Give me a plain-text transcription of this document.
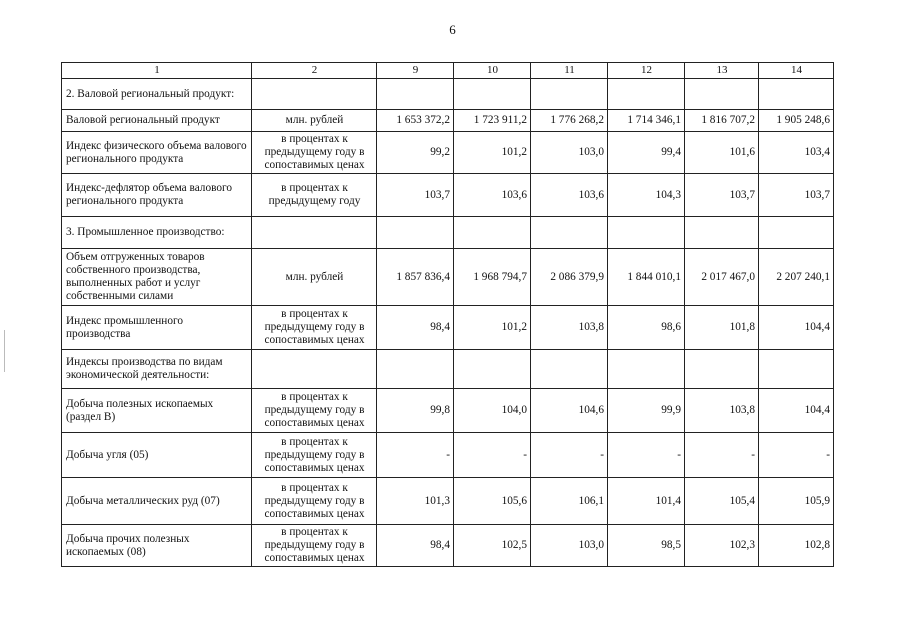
6
1	2	9	10	11	12	13	14
2. Валовой региональный продукт:							
Валовой региональный продукт	млн. рублей	1 653 372,2	1 723 911,2	1 776 268,2	1 714 346,1	1 816 707,2	1 905 248,6
Индекс физического объема валового регионального продукта	в процентах к предыдущему году в сопоставимых ценах	99,2	101,2	103,0	99,4	101,6	103,4
Индекс-дефлятор объема валового регионального продукта	в процентах к предыдущему году	103,7	103,6	103,6	104,3	103,7	103,7
3. Промышленное производство:							
Объем отгруженных товаров собственного производства, выполненных работ и услуг собственными силами	млн. рублей	1 857 836,4	1 968 794,7	2 086 379,9	1 844 010,1	2 017 467,0	2 207 240,1
Индекс промышленного производства	в процентах к предыдущему году в сопоставимых ценах	98,4	101,2	103,8	98,6	101,8	104,4
Индексы производства по видам экономической деятельности:							
Добыча полезных ископаемых (раздел B)	в процентах к предыдущему году в сопоставимых ценах	99,8	104,0	104,6	99,9	103,8	104,4
Добыча угля (05)	в процентах к предыдущему году в сопоставимых ценах	-	-	-	-	-	-
Добыча металлических руд (07)	в процентах к предыдущему году в сопоставимых ценах	101,3	105,6	106,1	101,4	105,4	105,9
Добыча прочих полезных ископаемых (08)	в процентах к предыдущему году в сопоставимых ценах	98,4	102,5	103,0	98,5	102,3	102,8
